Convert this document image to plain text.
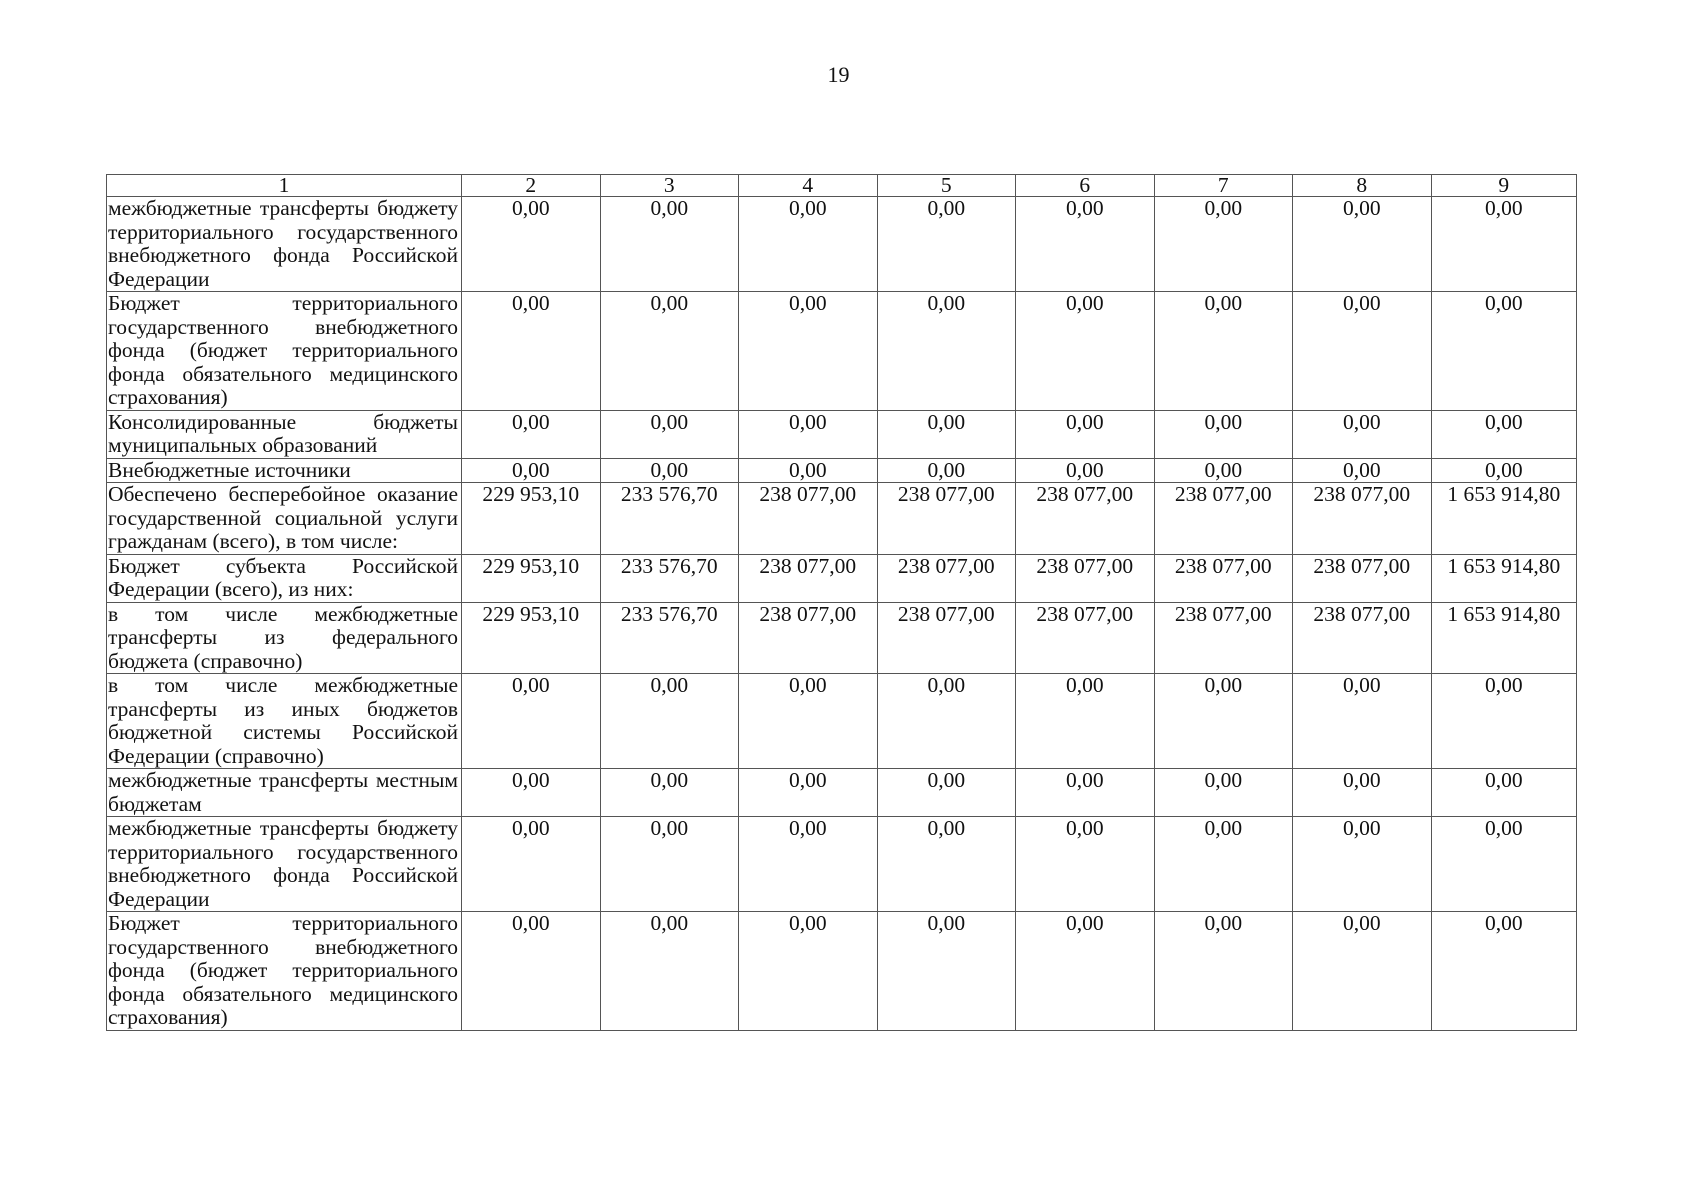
19
1	2	3	4	5	6	7	8	9
межбюджетные трансферты бюджету территориального государственного внебюджетного фонда Российской Федерации	0,00	0,00	0,00	0,00	0,00	0,00	0,00	0,00
Бюджет территориального государственного внебюджетного фонда (бюджет территориального фонда обязательного медицинского страхования)	0,00	0,00	0,00	0,00	0,00	0,00	0,00	0,00
Консолидированные бюджеты муниципальных образований	0,00	0,00	0,00	0,00	0,00	0,00	0,00	0,00
Внебюджетные источники	0,00	0,00	0,00	0,00	0,00	0,00	0,00	0,00
Обеспечено бесперебойное оказание государственной социальной услуги гражданам (всего), в том числе:	229 953,10	233 576,70	238 077,00	238 077,00	238 077,00	238 077,00	238 077,00	1 653 914,80
Бюджет субъекта Российской Федерации (всего), из них:	229 953,10	233 576,70	238 077,00	238 077,00	238 077,00	238 077,00	238 077,00	1 653 914,80
в том числе межбюджетные трансферты из федерального бюджета (справочно)	229 953,10	233 576,70	238 077,00	238 077,00	238 077,00	238 077,00	238 077,00	1 653 914,80
в том числе межбюджетные трансферты из иных бюджетов бюджетной системы Российской Федерации (справочно)	0,00	0,00	0,00	0,00	0,00	0,00	0,00	0,00
межбюджетные трансферты местным бюджетам	0,00	0,00	0,00	0,00	0,00	0,00	0,00	0,00
межбюджетные трансферты бюджету территориального государственного внебюджетного фонда Российской Федерации	0,00	0,00	0,00	0,00	0,00	0,00	0,00	0,00
Бюджет территориального государственного внебюджетного фонда (бюджет территориального фонда обязательного медицинского страхования)	0,00	0,00	0,00	0,00	0,00	0,00	0,00	0,00
